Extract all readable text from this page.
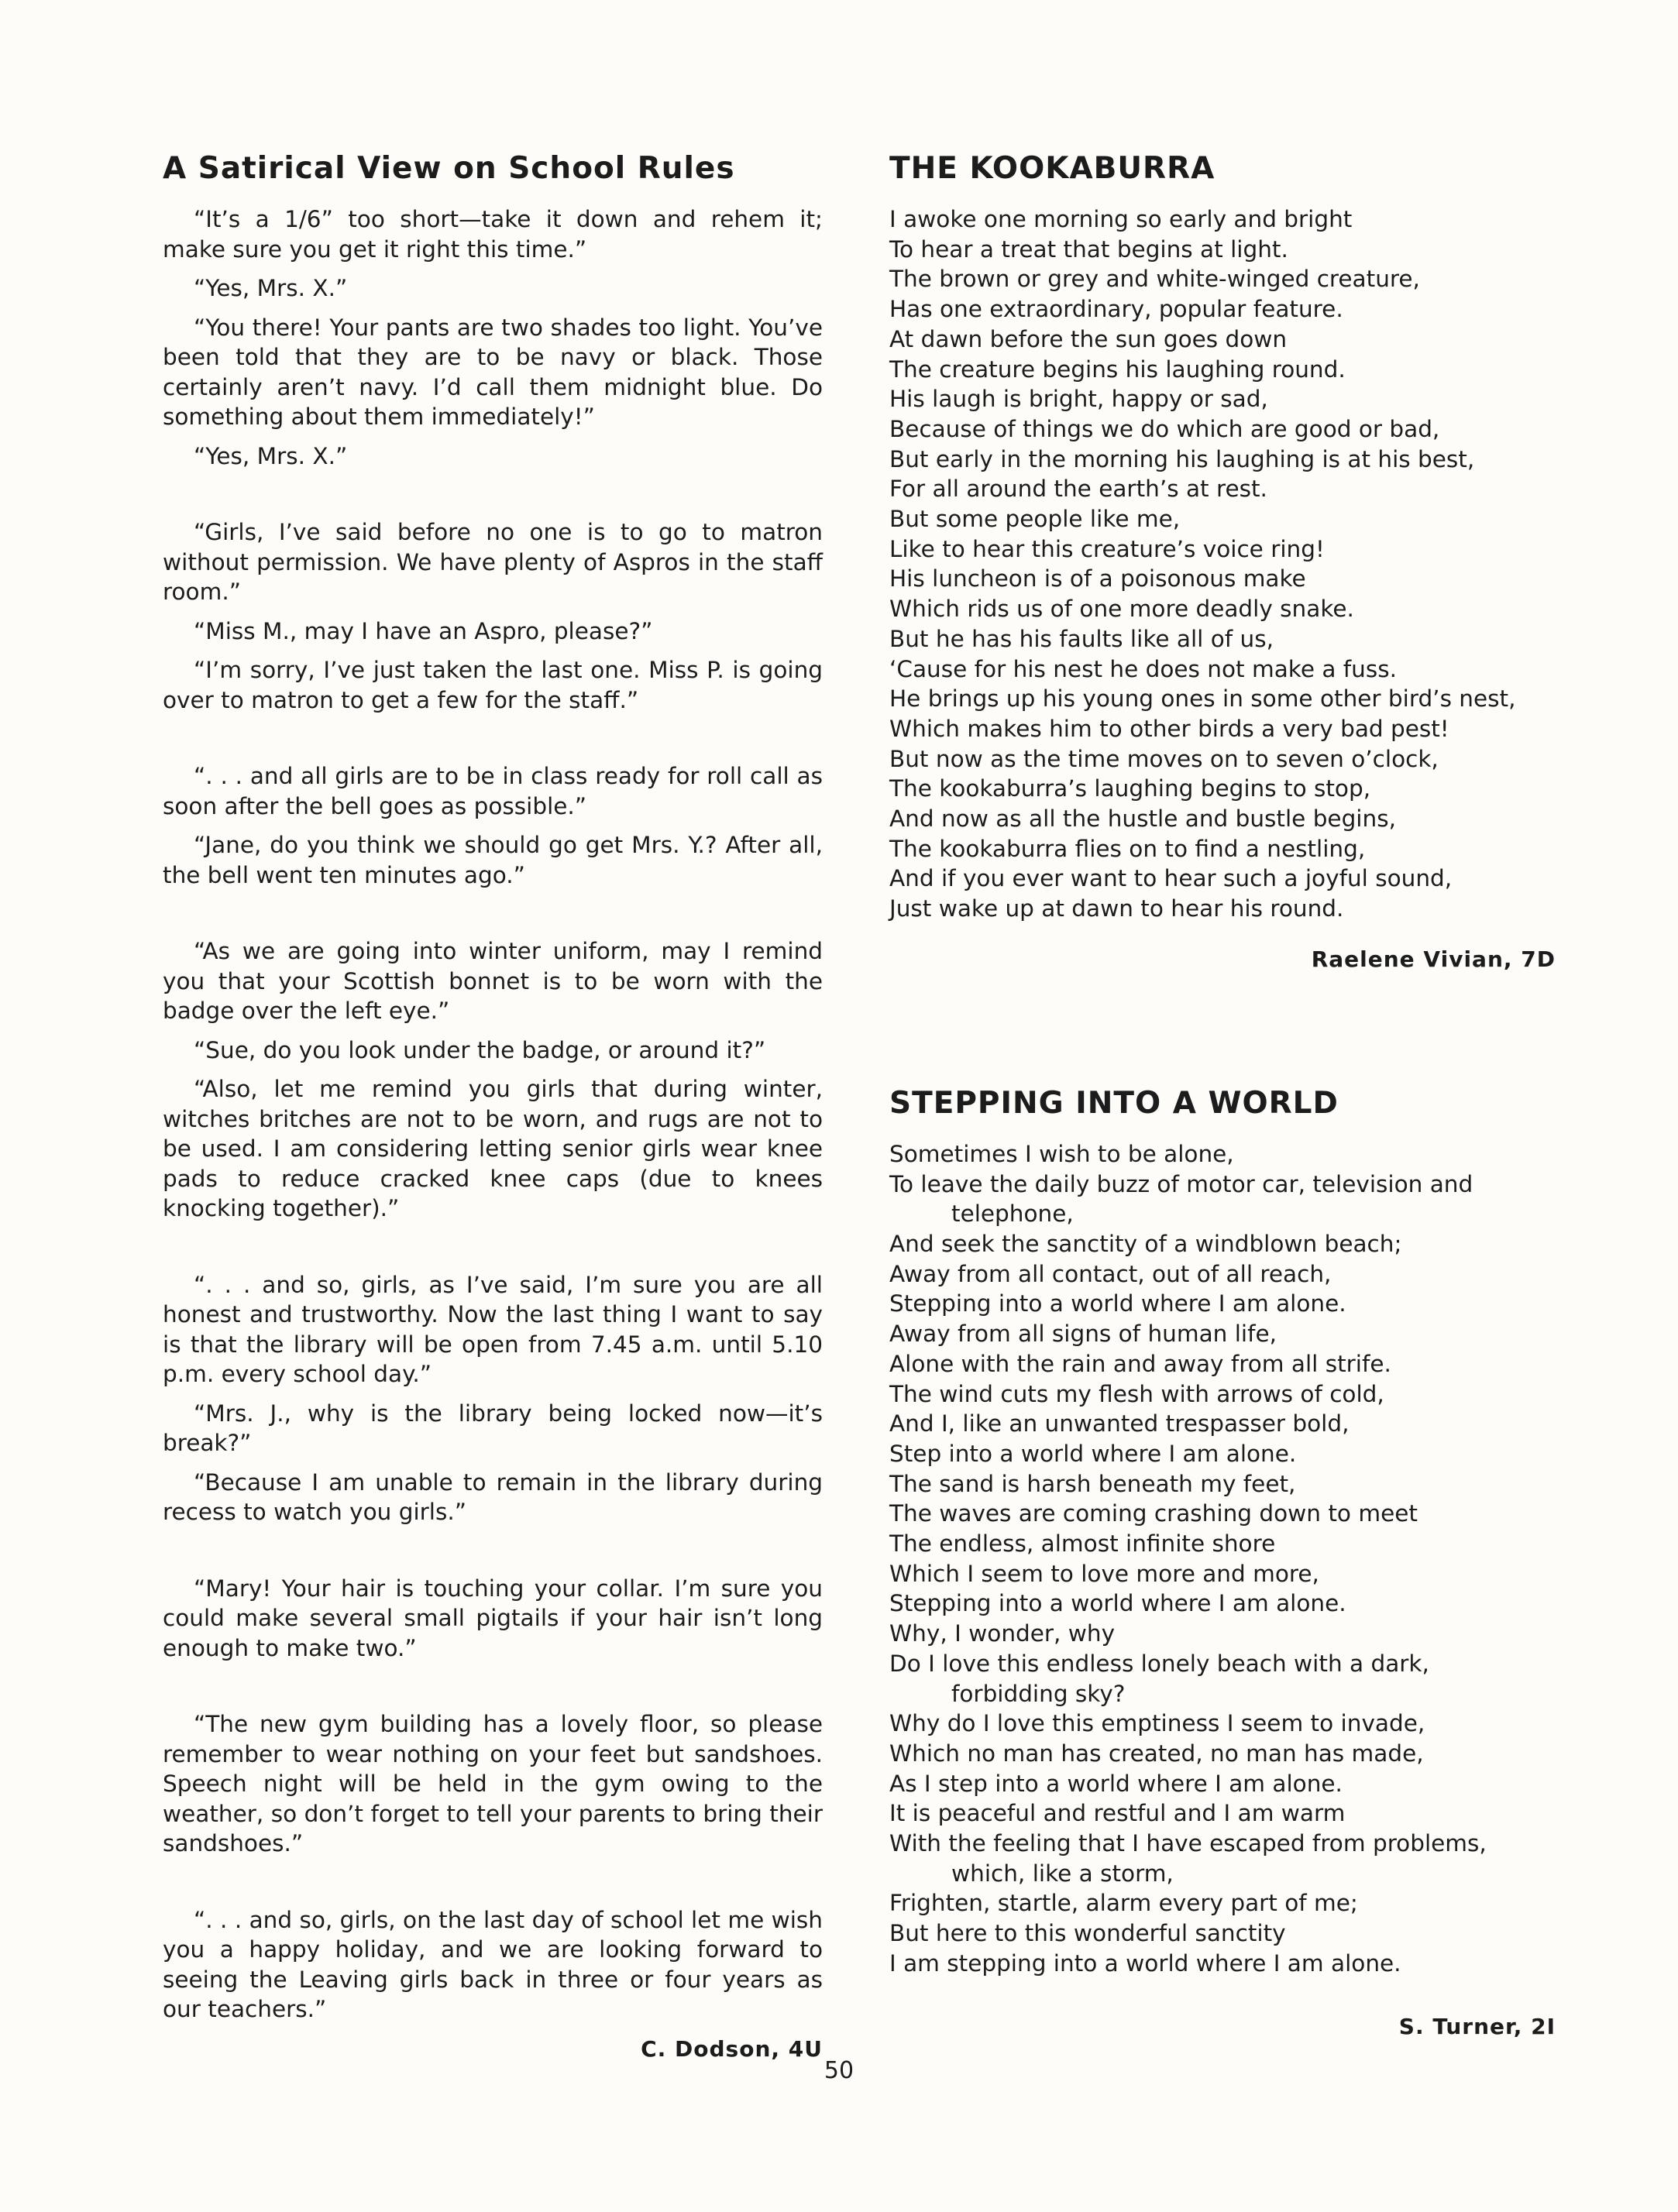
A Satirical View on School Rules

“It’s a 1/6” too short—take it down and rehem it; make sure you get it right this time.”

“Yes, Mrs. X.”

“You there! Your pants are two shades too light. You’ve been told that they are to be navy or black. Those certainly aren’t navy. I’d call them midnight blue. Do something about them immediately!”

“Yes, Mrs. X.”

“Girls, I’ve said before no one is to go to matron without permission. We have plenty of Aspros in the staff room.”

“Miss M., may I have an Aspro, please?”

“I’m sorry, I’ve just taken the last one. Miss P. is going over to matron to get a few for the staff.”

“. . . and all girls are to be in class ready for roll call as soon after the bell goes as possible.”

“Jane, do you think we should go get Mrs. Y.? After all, the bell went ten minutes ago.”

“As we are going into winter uniform, may I remind you that your Scottish bonnet is to be worn with the badge over the left eye.”

“Sue, do you look under the badge, or around it?”

“Also, let me remind you girls that during winter, witches britches are not to be worn, and rugs are not to be used. I am considering letting senior girls wear knee pads to reduce cracked knee caps (due to knees knocking together).”

“. . . and so, girls, as I’ve said, I’m sure you are all honest and trustworthy. Now the last thing I want to say is that the library will be open from 7.45 a.m. until 5.10 p.m. every school day.”

“Mrs. J., why is the library being locked now—it’s break?”

“Because I am unable to remain in the library during recess to watch you girls.”

“Mary! Your hair is touching your collar. I’m sure you could make several small pigtails if your hair isn’t long enough to make two.”

“The new gym building has a lovely floor, so please remember to wear nothing on your feet but sandshoes. Speech night will be held in the gym owing to the weather, so don’t forget to tell your parents to bring their sandshoes.”

“. . . and so, girls, on the last day of school let me wish you a happy holiday, and we are looking forward to seeing the Leaving girls back in three or four years as our teachers.”

C. Dodson, 4U
THE KOOKABURRA
I awoke one morning so early and bright
To hear a treat that begins at light.
The brown or grey and white-winged creature,
Has one extraordinary, popular feature.
At dawn before the sun goes down
The creature begins his laughing round.
His laugh is bright, happy or sad,
Because of things we do which are good or bad,
But early in the morning his laughing is at his best,
For all around the earth’s at rest.
But some people like me,
Like to hear this creature’s voice ring!
His luncheon is of a poisonous make
Which rids us of one more deadly snake.
But he has his faults like all of us,
‘Cause for his nest he does not make a fuss.
He brings up his young ones in some other bird’s nest,
Which makes him to other birds a very bad pest!
But now as the time moves on to seven o’clock,
The kookaburra’s laughing begins to stop,
And now as all the hustle and bustle begins,
The kookaburra flies on to find a nestling,
And if you ever want to hear such a joyful sound,
Just wake up at dawn to hear his round.
Raelene Vivian, 7D
STEPPING INTO A WORLD
Sometimes I wish to be alone,
To leave the daily buzz of motor car, television and
telephone,
And seek the sanctity of a windblown beach;
Away from all contact, out of all reach,
Stepping into a world where I am alone.
Away from all signs of human life,
Alone with the rain and away from all strife.
The wind cuts my flesh with arrows of cold,
And I, like an unwanted trespasser bold,
Step into a world where I am alone.
The sand is harsh beneath my feet,
The waves are coming crashing down to meet
The endless, almost infinite shore
Which I seem to love more and more,
Stepping into a world where I am alone.
Why, I wonder, why
Do I love this endless lonely beach with a dark,
forbidding sky?
Why do I love this emptiness I seem to invade,
Which no man has created, no man has made,
As I step into a world where I am alone.
It is peaceful and restful and I am warm
With the feeling that I have escaped from problems,
which, like a storm,
Frighten, startle, alarm every part of me;
But here to this wonderful sanctity
I am stepping into a world where I am alone.
S. Turner, 2I
50
